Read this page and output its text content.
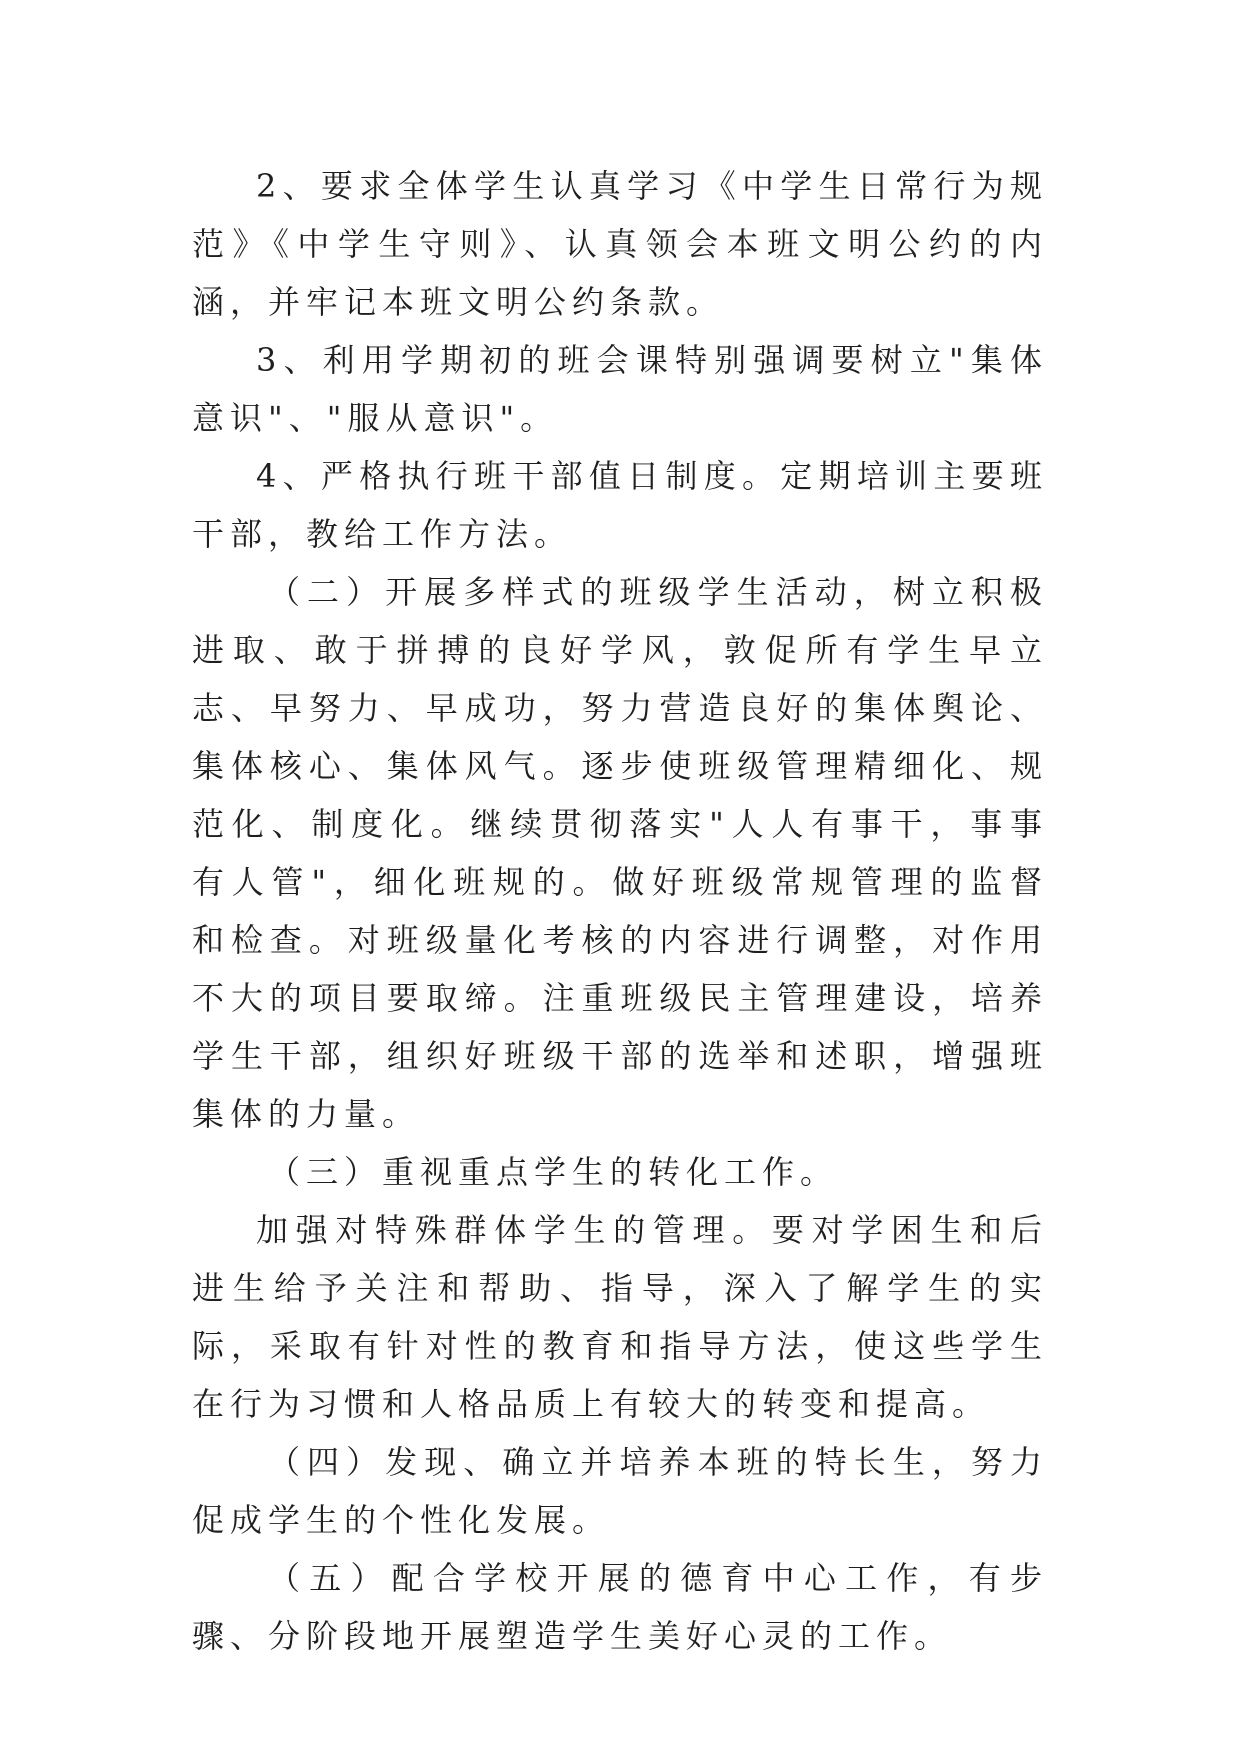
2、要求全体学生认真学习《中学生日常行为规范》《中学生守则》、认真领会本班文明公约的内涵，并牢记本班文明公约条款。

3、利用学期初的班会课特别强调要树立"集体意识"、"服从意识"。

4、严格执行班干部值日制度。定期培训主要班干部，教给工作方法。

（二）开展多样式的班级学生活动，树立积极进取、敢于拼搏的良好学风，敦促所有学生早立志、早努力、早成功，努力营造良好的集体舆论、集体核心、集体风气。逐步使班级管理精细化、规范化、制度化。继续贯彻落实"人人有事干，事事有人管"，细化班规的。做好班级常规管理的监督和检查。对班级量化考核的内容进行调整，对作用不大的项目要取缔。注重班级民主管理建设，培养学生干部，组织好班级干部的选举和述职，增强班集体的力量。

（三）重视重点学生的转化工作。

加强对特殊群体学生的管理。要对学困生和后进生给予关注和帮助、指导，深入了解学生的实际，采取有针对性的教育和指导方法，使这些学生在行为习惯和人格品质上有较大的转变和提高。

（四）发现、确立并培养本班的特长生，努力促成学生的个性化发展。

（五）配合学校开展的德育中心工作，有步骤、分阶段地开展塑造学生美好心灵的工作。
